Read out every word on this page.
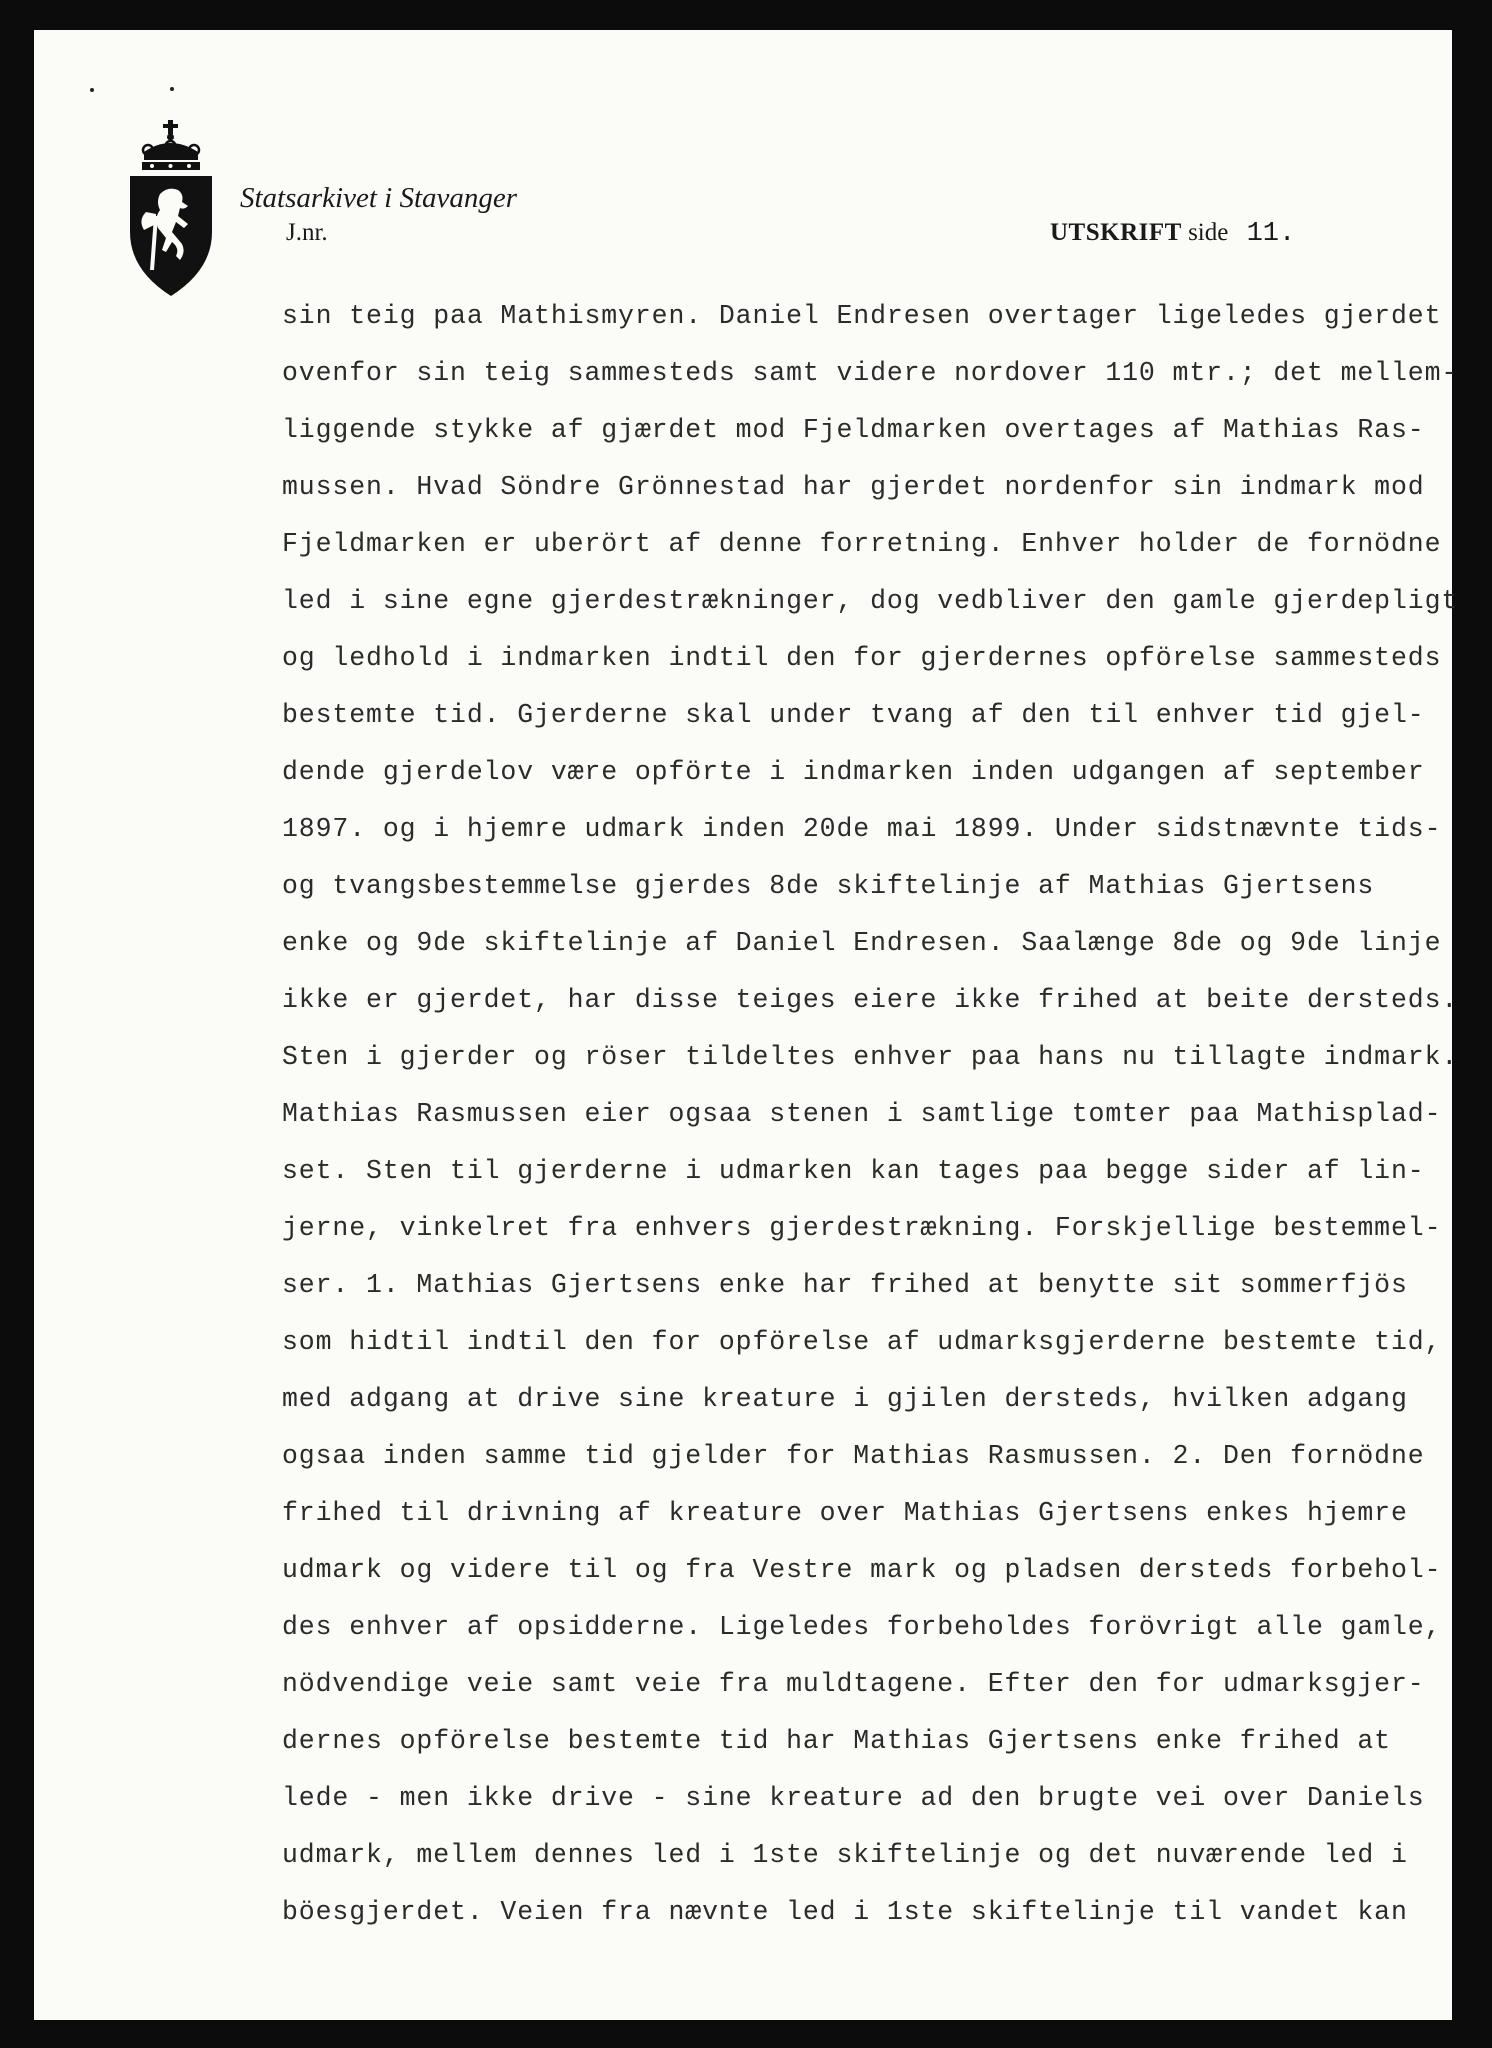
Statsarkivet i Stavanger
J.nr.	UTSKRIFT side 11.
sin teig paa Mathismyren. Daniel Endresen overtager ligeledes gjerdet
ovenfor sin teig sammesteds samt videre nordover 110 mtr.; det mellem-
liggende stykke af gjærdet mod Fjeldmarken overtages af Mathias Ras-
mussen. Hvad Söndre Grönnestad har gjerdet nordenfor sin indmark mod
Fjeldmarken er uberört af denne forretning. Enhver holder de fornödne
led i sine egne gjerdestrækninger, dog vedbliver den gamle gjerdepligt
og ledhold i indmarken indtil den for gjerdernes opförelse sammesteds
bestemte tid. Gjerderne skal under tvang af den til enhver tid gjel-
dende gjerdelov være opförte i indmarken inden udgangen af september
1897. og i hjemre udmark inden 20de mai 1899. Under sidstnævnte tids-
og tvangsbestemmelse gjerdes 8de skiftelinje af Mathias Gjertsens
enke og 9de skiftelinje af Daniel Endresen. Saalænge 8de og 9de linje
ikke er gjerdet, har disse teiges eiere ikke frihed at beite dersteds.
Sten i gjerder og röser tildeltes enhver paa hans nu tillagte indmark.
Mathias Rasmussen eier ogsaa stenen i samtlige tomter paa Mathisplad-
set. Sten til gjerderne i udmarken kan tages paa begge sider af lin-
jerne, vinkelret fra enhvers gjerdestrækning. Forskjellige bestemmel-
ser. 1. Mathias Gjertsens enke har frihed at benytte sit sommerfjös
som hidtil indtil den for opförelse af udmarksgjerderne bestemte tid,
med adgang at drive sine kreature i gjilen dersteds, hvilken adgang
ogsaa inden samme tid gjelder for Mathias Rasmussen. 2. Den fornödne
frihed til drivning af kreature over Mathias Gjertsens enkes hjemre
udmark og videre til og fra Vestre mark og pladsen dersteds forbehol-
des enhver af opsidderne. Ligeledes forbeholdes forövrigt alle gamle,
nödvendige veie samt veie fra muldtagene. Efter den for udmarksgjer-
dernes opförelse bestemte tid har Mathias Gjertsens enke frihed at
lede - men ikke drive - sine kreature ad den brugte vei over Daniels
udmark, mellem dennes led i 1ste skiftelinje og det nuværende led i
böesgjerdet. Veien fra nævnte led i 1ste skiftelinje til vandet kan
